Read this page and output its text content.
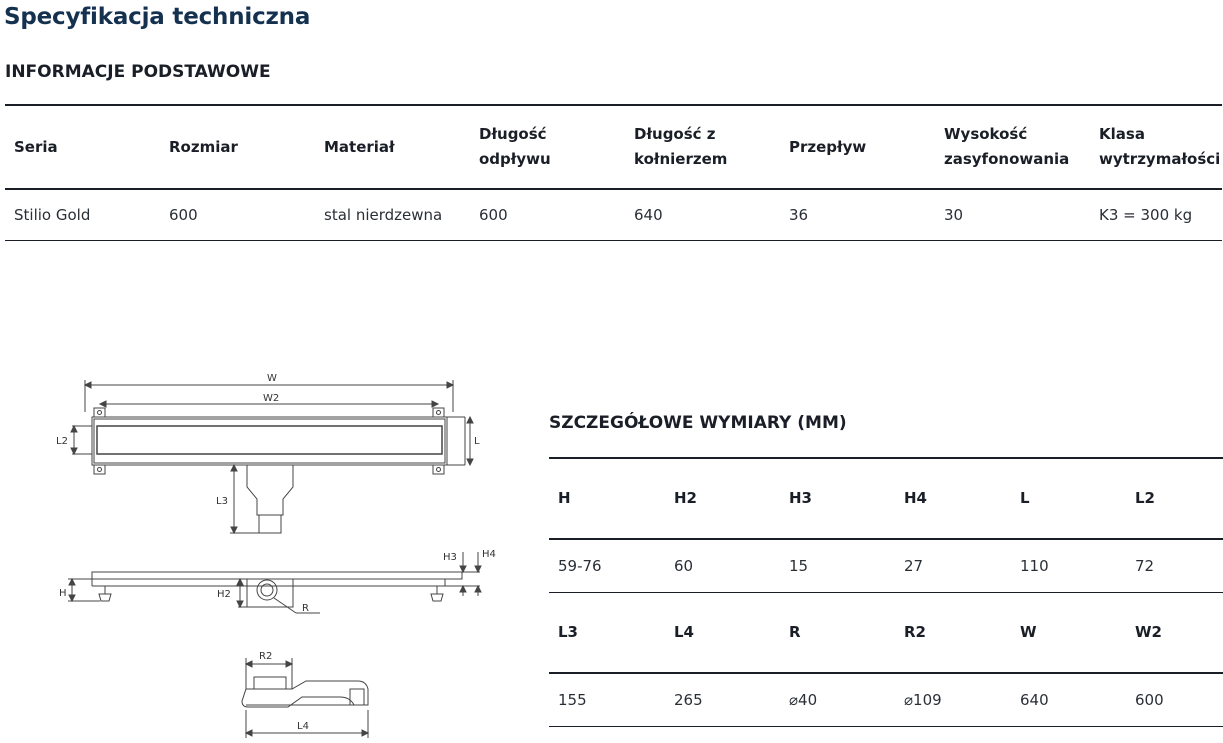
Specyfikacja techniczna
INFORMACJE PODSTAWOWE
Seria	Rozmiar	Materiał	Długość odpływu	Długość z kołnierzem	Przepływ	Wysokość zasyfonowania	Klasa wytrzymałości
Stilio Gold	600	stal nierdzewna	600	640	36	30	K3 = 300 kg
W
W2
L
L2
L3
H	H2
H3	H4
R
R2
L4
SZCZEGÓŁOWE WYMIARY (MM)
H	H2	H3	H4	L	L2
59-76	60	15	27	110	72
L3	L4	R	R2	W	W2
155	265	⌀40	⌀109	640	600
